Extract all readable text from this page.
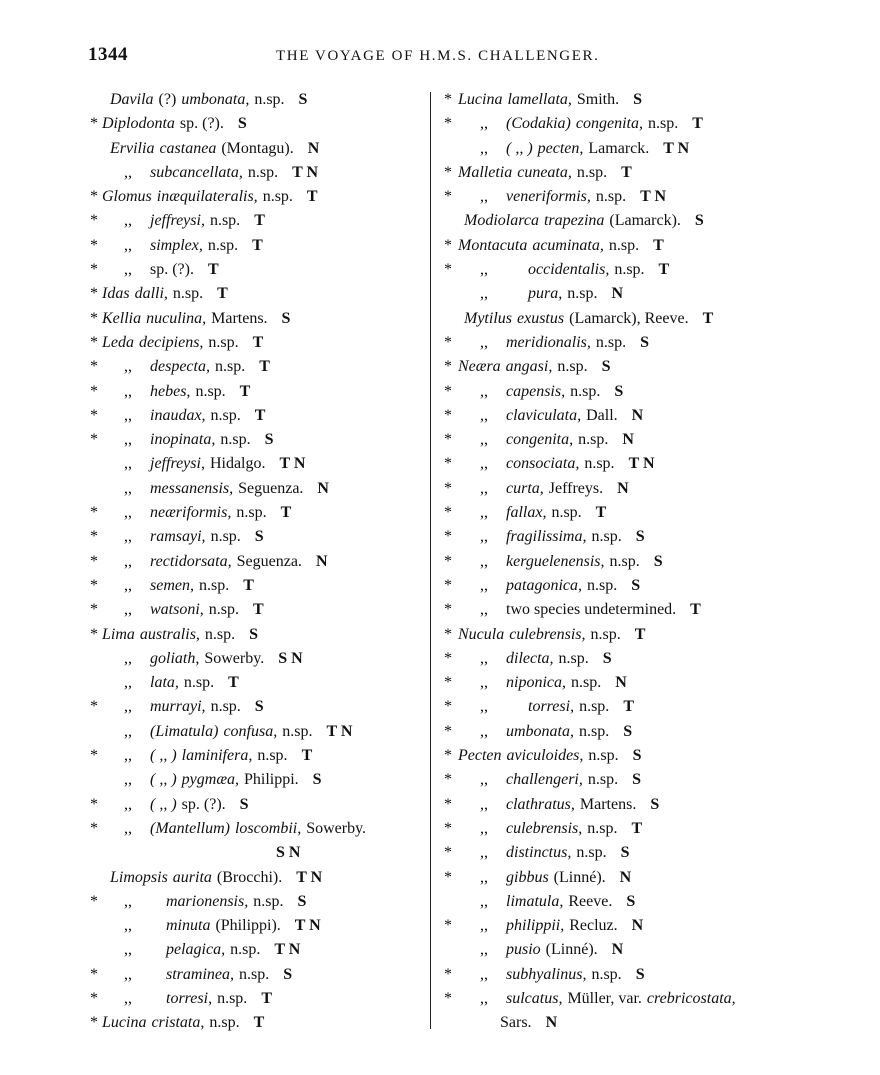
1344	THE VOYAGE OF H.M.S. CHALLENGER.
Davila (?) umbonata, n.sp. S
* Diplodonta sp. (?). S
Ervilia castanea (Montagu). N
,, subcancellata, n.sp. T N
* Glomus inæquilateralis, n.sp. T
* ,, jeffreysi, n.sp. T
* ,, simplex, n.sp. T
* ,, sp. (?). T
* Idas dalli, n.sp. T
* Kellia nuculina, Martens. S
* Leda decipiens, n.sp. T
* ,, despecta, n.sp. T
* ,, hebes, n.sp. T
* ,, inaudax, n.sp. T
* ,, inopinata, n.sp. S
,, jeffreysi, Hidalgo. T N
,, messanensis, Seguenza. N
* ,, neæriformis, n.sp. T
* ,, ramsayi, n.sp. S
* ,, rectidorsata, Seguenza. N
* ,, semen, n.sp. T
* ,, watsoni, n.sp. T
* Lima australis, n.sp. S
,, goliath, Sowerby. S N
,, lata, n.sp. T
* ,, murrayi, n.sp. S
,, (Limatula) confusa, n.sp. T N
* ,, ( ,, ) laminifera, n.sp. T
,, ( ,, ) pygmæa, Philippi. S
* ,, ( ,, ) sp. (?). S
* ,, (Mantellum) loscombii, Sowerby.
S N
Limopsis aurita (Brocchi). T N
* ,, marionensis, n.sp. S
,, minuta (Philippi). T N
,, pelagica, n.sp. T N
* ,, straminea, n.sp. S
* ,, torresi, n.sp. T
* Lucina cristata, n.sp. T
* Lucina lamellata, Smith. S
* ,, (Codakia) congenita, n.sp. T
,, ( ,, ) pecten, Lamarck. T N
* Malletia cuneata, n.sp. T
* ,, veneriformis, n.sp. T N
Modiolarca trapezina (Lamarck). S
* Montacuta acuminata, n.sp. T
* ,,	occidentalis, n.sp. T
,,	pura, n.sp. N
Mytilus exustus (Lamarck), Reeve. T
* ,, meridionalis, n.sp. S
* Neæra angasi, n.sp. S
* ,, capensis, n.sp. S
* ,, claviculata, Dall. N
* ,, congenita, n.sp. N
* ,, consociata, n.sp. T N
* ,, curta, Jeffreys. N
* ,, fallax, n.sp. T
* ,, fragilissima, n.sp. S
* ,, kerguelenensis, n.sp. S
* ,, patagonica, n.sp. S
* ,, two species undetermined. T
* Nucula culebrensis, n.sp. T
* ,, dilecta, n.sp. S
* ,, niponica, n.sp. N
* ,,	torresi, n.sp. T
* ,, umbonata, n.sp. S
* Pecten aviculoides, n.sp. S
* ,, challengeri, n.sp. S
* ,, clathratus, Martens. S
* ,, culebrensis, n.sp. T
* ,, distinctus, n.sp. S
* ,, gibbus (Linné). N
,, limatula, Reeve. S
* ,, philippii, Recluz. N
,, pusio (Linné). N
* ,, subhyalinus, n.sp. S
* ,, sulcatus, Müller, var. crebricostata,
Sars. N
